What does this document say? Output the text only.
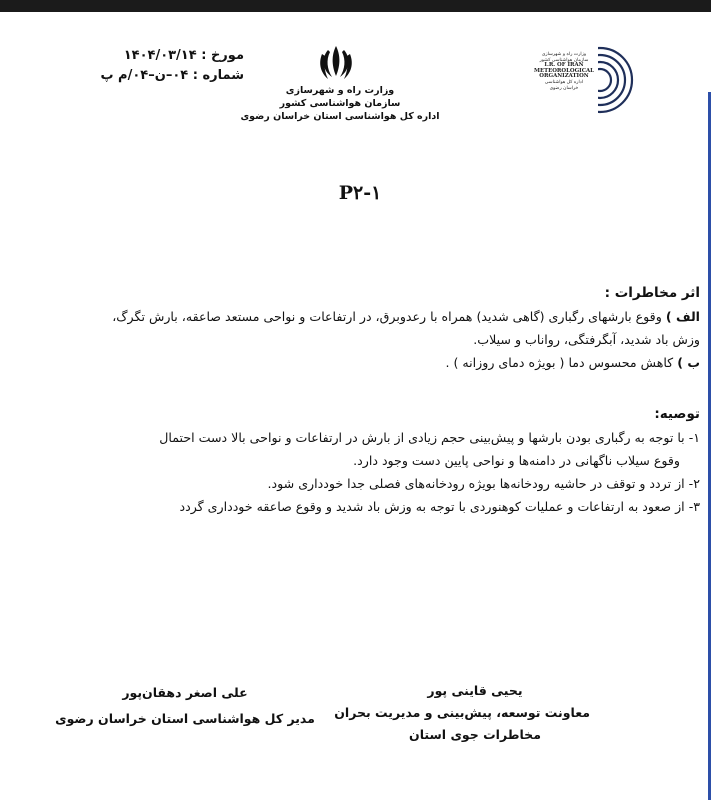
مورخ : ۱۴۰۴/۰۳/۱۴
شماره : ۰۴–ن–۰۴/م پ
وزارت راه و شهرسازی
سازمان هواشناسی کشور
اداره کل هواشناسی استان خراسان رضوی
وزارت راه و شهرسازی
سازمان هواشناسی کشور
I.R. OF IRAN
METEOROLOGICAL
ORGANIZATION
اداره کل هواشناسی
خراسان رضوی
P۲-۱
اثر مخاطرات :
الف ) وقوع بارشهای رگباری (گاهی شدید) همراه با رعدوبرق، در ارتفاعات و نواحی مستعد صاعقه، بارش تگرگ،
وزش باد شدید، آبگرفتگی، رواناب و سیلاب.
ب ) کاهش محسوس دما ( بویژه دمای روزانه ) .
توصیه:
۱- با توجه به رگباری بودن بارشها و پیش‌بینی حجم زیادی از بارش در ارتفاعات و نواحی بالا دست احتمال
وقوع سیلاب ناگهانی در دامنه‌ها و نواحی پایین دست وجود دارد.
۲- از تردد و توقف در حاشیه رودخانه‌ها بویژه رودخانه‌های فصلی جدا خودداری شود.
۳- از صعود به ارتفاعات و عملیات کوهنوردی با توجه به وزش باد شدید و وقوع صاعقه خودداری گردد
یحیی قاینی پور
معاونت توسعه، پیش‌بینی و مدیریت بحران
مخاطرات جوی استان
علی اصغر دهقان‌پور
مدیر کل هواشناسی استان خراسان رضوی
